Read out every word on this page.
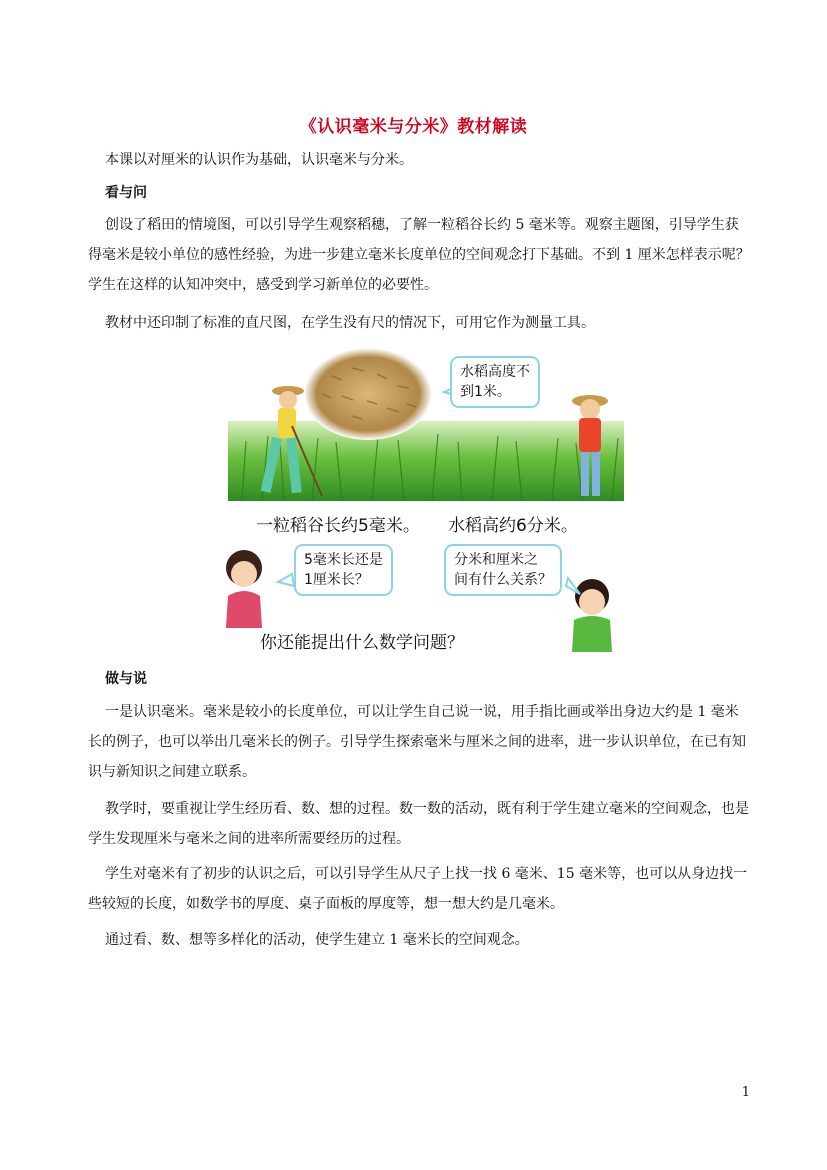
《认识毫米与分米》教材解读
本课以对厘米的认识作为基础，认识毫米与分米。
看与问
创设了稻田的情境图，可以引导学生观察稻穗，了解一粒稻谷长约 5 毫米等。观察主题图，引导学生获得毫米是较小单位的感性经验，为进一步建立毫米长度单位的空间观念打下基础。不到 1 厘米怎样表示呢？学生在这样的认知冲突中，感受到学习新单位的必要性。
教材中还印制了标准的直尺图，在学生没有尺的情况下，可用它作为测量工具。
水稻高度不
到1米。
一粒稻谷长约5毫米。 水稻高约6分米。
5毫米长还是
1厘米长？
分米和厘米之
间有什么关系？
你还能提出什么数学问题？
做与说
一是认识毫米。毫米是较小的长度单位，可以让学生自己说一说，用手指比画或举出身边大约是 1 毫米长的例子，也可以举出几毫米长的例子。引导学生探索毫米与厘米之间的进率，进一步认识单位，在已有知识与新知识之间建立联系。
教学时，要重视让学生经历看、数、想的过程。数一数的活动，既有利于学生建立毫米的空间观念，也是学生发现厘米与毫米之间的进率所需要经历的过程。
学生对毫米有了初步的认识之后，可以引导学生从尺子上找一找 6 毫米、15 毫米等，也可以从身边找一些较短的长度，如数学书的厚度、桌子面板的厚度等，想一想大约是几毫米。
通过看、数、想等多样化的活动，使学生建立 1 毫米长的空间观念。
1
